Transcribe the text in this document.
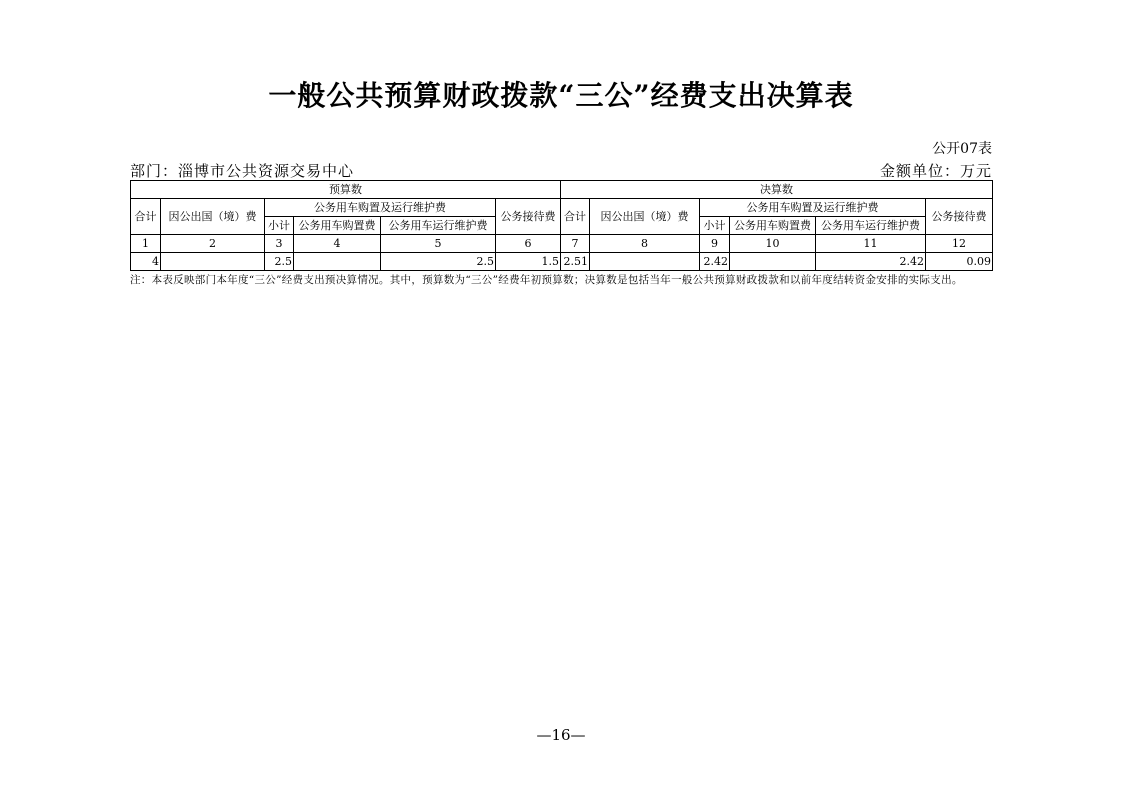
一般公共预算财政拨款“三公”经费支出决算表
公开07表
部门：淄博市公共资源交易中心	金额单位：万元
预算数						决算数					
合计	因公出国（境）费	公务用车购置及运行维护费			公务接待费	合计	因公出国（境）费	公务用车购置及运行维护费			公务接待费
		小计	公务用车购置费	公务用车运行维护费				小计	公务用车购置费	公务用车运行维护费	
1	2	3	4	5	6	7	8	9	10	11	12
4		2.5		2.5	1.5	2.51		2.42		2.42	0.09
注：本表反映部门本年度“三公”经费支出预决算情况。其中，预算数为“三公”经费年初预算数；决算数是包括当年一般公共预算财政拨款和以前年度结转资金安排的实际支出。
—16—
